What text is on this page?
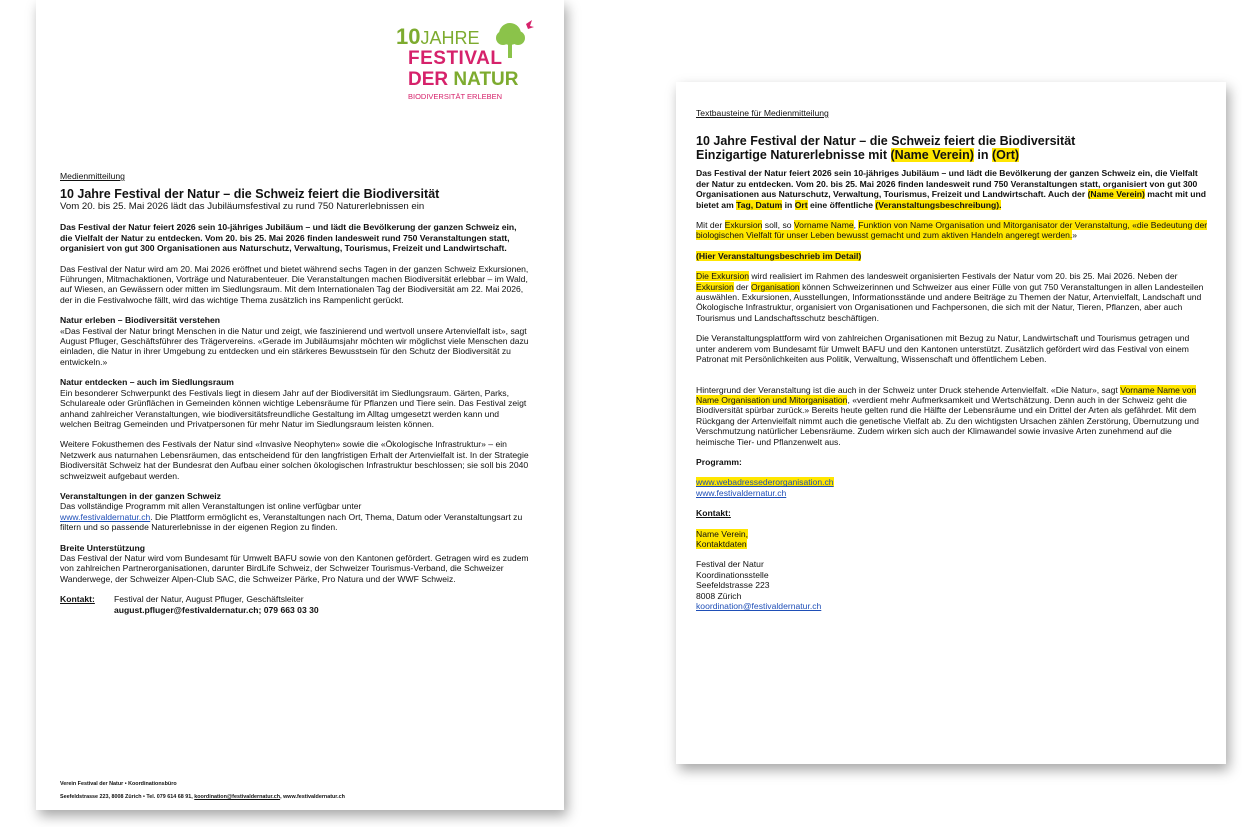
10JAHRE
FESTIVAL
DER NATUR
BIODIVERSITÄT ERLEBEN

Medienmitteilung

10 Jahre Festival der Natur – die Schweiz feiert die Biodiversität

Vom 20. bis 25. Mai 2026 lädt das Jubiläumsfestival zu rund 750 Naturerlebnissen ein

Das Festival der Natur feiert 2026 sein 10-jähriges Jubiläum – und lädt die Bevölkerung der ganzen Schweiz ein, die Vielfalt der Natur zu entdecken. Vom 20. bis 25. Mai 2026 finden landesweit rund 750 Veranstaltungen statt, organisiert von gut 300 Organisationen aus Naturschutz, Verwaltung, Tourismus, Freizeit und Landwirtschaft.

Das Festival der Natur wird am 20. Mai 2026 eröffnet und bietet während sechs Tagen in der ganzen Schweiz Exkursionen, Führungen, Mitmachaktionen, Vorträge und Naturabenteuer. Die Veranstaltungen machen Biodiversität erlebbar – im Wald, auf Wiesen, an Gewässern oder mitten im Siedlungsraum. Mit dem Internationalen Tag der Biodiversität am 22. Mai 2026, der in die Festivalwoche fällt, wird das wichtige Thema zusätzlich ins Rampenlicht gerückt.

Natur erleben – Biodiversität verstehen

«Das Festival der Natur bringt Menschen in die Natur und zeigt, wie faszinierend und wertvoll unsere Artenvielfalt ist», sagt August Pfluger, Geschäftsführer des Trägervereins. «Gerade im Jubiläumsjahr möchten wir möglichst viele Menschen dazu einladen, die Natur in ihrer Umgebung zu entdecken und ein stärkeres Bewusstsein für den Schutz der Biodiversität zu entwickeln.»

Natur entdecken – auch im Siedlungsraum

Ein besonderer Schwerpunkt des Festivals liegt in diesem Jahr auf der Biodiversität im Siedlungsraum. Gärten, Parks, Schulareale oder Grünflächen in Gemeinden können wichtige Lebensräume für Pflanzen und Tiere sein. Das Festival zeigt anhand zahlreicher Veranstaltungen, wie biodiversitätsfreundliche Gestaltung im Alltag umgesetzt werden kann und welchen Beitrag Gemeinden und Privatpersonen für mehr Natur im Siedlungsraum leisten können.

Weitere Fokusthemen des Festivals der Natur sind «Invasive Neophyten» sowie die «Ökologische Infrastruktur» – ein Netzwerk aus naturnahen Lebensräumen, das entscheidend für den langfristigen Erhalt der Artenvielfalt ist. In der Strategie Biodiversität Schweiz hat der Bundesrat den Aufbau einer solchen ökologischen Infrastruktur beschlossen; sie soll bis 2040 schweizweit aufgebaut werden.

Veranstaltungen in der ganzen Schweiz

Das vollständige Programm mit allen Veranstaltungen ist online verfügbar unter
www.festivaldernatur.ch. Die Plattform ermöglicht es, Veranstaltungen nach Ort, Thema, Datum oder Veranstaltungsart zu filtern und so passende Naturerlebnisse in der eigenen Region zu finden.

Breite Unterstützung

Das Festival der Natur wird vom Bundesamt für Umwelt BAFU sowie von den Kantonen gefördert. Getragen wird es zudem von zahlreichen Partnerorganisationen, darunter BirdLife Schweiz, der Schweizer Tourismus-Verband, die Schweizer Wanderwege, der Schweizer Alpen-Club SAC, die Schweizer Pärke, Pro Natura und der WWF Schweiz.

Kontakt:	Festival der Natur, August Pfluger, Geschäftsleiter

august.pfluger@festivaldernatur.ch; 079 663 03 30

Verein Festival der Natur • Koordinationsbüro

Seefeldstrasse 223, 8008 Zürich • Tel. 079 614 68 91, koordination@festivaldernatur.ch, www.festivaldernatur.ch

Textbausteine für Medienmitteilung

10 Jahre Festival der Natur – die Schweiz feiert die Biodiversität

Einzigartige Naturerlebnisse mit (Name Verein) in (Ort)

Das Festival der Natur feiert 2026 sein 10-jähriges Jubiläum – und lädt die Bevölkerung der ganzen Schweiz ein, die Vielfalt der Natur zu entdecken. Vom 20. bis 25. Mai 2026 finden landesweit rund 750 Veranstaltungen statt, organisiert von gut 300 Organisationen aus Naturschutz, Verwaltung, Tourismus, Freizeit und Landwirtschaft. Auch der (Name Verein) macht mit und bietet am Tag, Datum in Ort eine öffentliche (Veranstaltungsbeschreibung).

Mit der Exkursion soll, so Vorname Name, Funktion von Name Organisation und Mitorganisator der Veranstaltung, «die Bedeutung der biologischen Vielfalt für unser Leben bewusst gemacht und zum aktiven Handeln angeregt werden.»

(Hier Veranstaltungsbeschrieb im Detail)

Die Exkursion wird realisiert im Rahmen des landesweit organisierten Festivals der Natur vom 20. bis 25. Mai 2026. Neben der Exkursion der Organisation können Schweizerinnen und Schweizer aus einer Fülle von gut 750 Veranstaltungen in allen Landesteilen auswählen. Exkursionen, Ausstellungen, Informationsstände und andere Beiträge zu Themen der Natur, Artenvielfalt, Landschaft und Ökologische Infrastruktur, organisiert von Organisationen und Fachpersonen, die sich mit der Natur, Tieren, Pflanzen, aber auch Tourismus und Landschaftsschutz beschäftigen.

Die Veranstaltungsplattform wird von zahlreichen Organisationen mit Bezug zu Natur, Landwirtschaft und Tourismus getragen und unter anderem vom Bundesamt für Umwelt BAFU und den Kantonen unterstützt. Zusätzlich gefördert wird das Festival von einem Patronat mit Persönlichkeiten aus Politik, Verwaltung, Wissenschaft und öffentlichem Leben.

Hintergrund der Veranstaltung ist die auch in der Schweiz unter Druck stehende Artenvielfalt. «Die Natur», sagt Vorname Name von Name Organisation und Mitorganisation, «verdient mehr Aufmerksamkeit und Wertschätzung. Denn auch in der Schweiz geht die Biodiversität spürbar zurück.» Bereits heute gelten rund die Hälfte der Lebensräume und ein Drittel der Arten als gefährdet. Mit dem Rückgang der Artenvielfalt nimmt auch die genetische Vielfalt ab. Zu den wichtigsten Ursachen zählen Zerstörung, Übernutzung und Verschmutzung natürlicher Lebensräume. Zudem wirken sich auch der Klimawandel sowie invasive Arten zunehmend auf die heimische Tier- und Pflanzenwelt aus.

Programm:

www.webadressederorganisation.ch

www.festivaldernatur.ch

Kontakt:

Name Verein,

Kontaktdaten

Festival der Natur

Koordinationsstelle

Seefeldstrasse 223

8008 Zürich

koordination@festivaldernatur.ch
